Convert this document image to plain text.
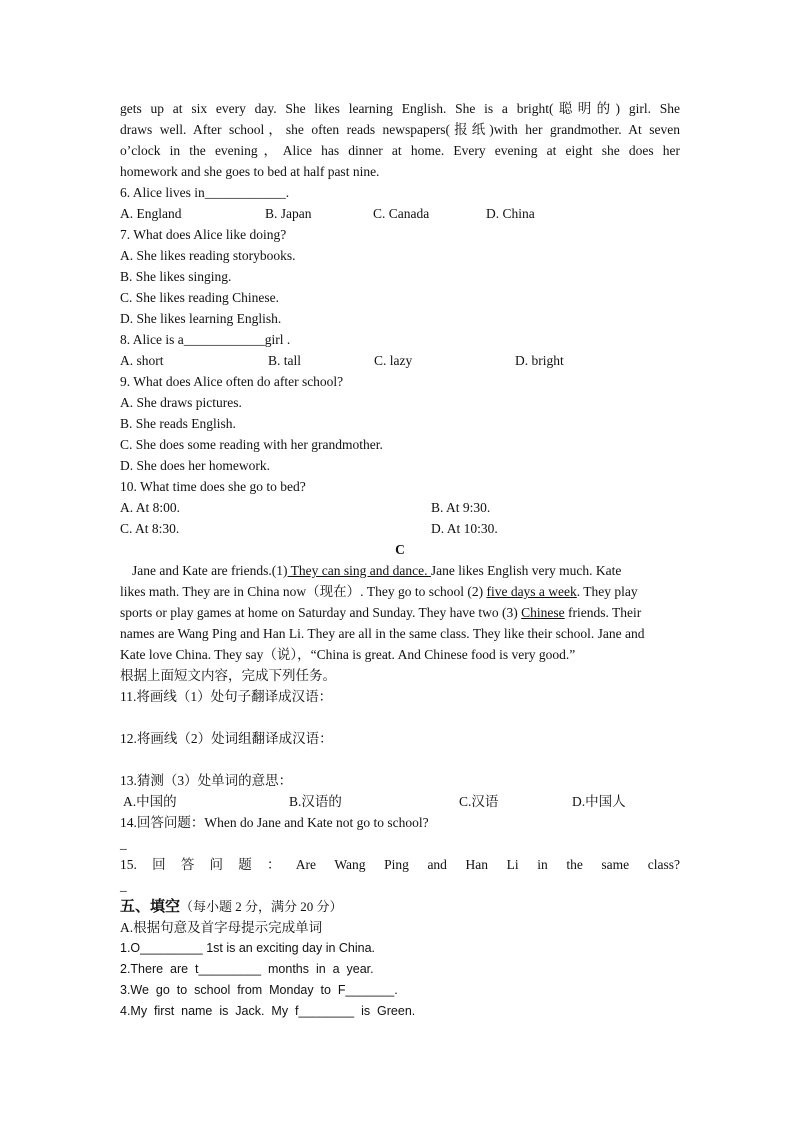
gets up at six every day. She likes learning English. She is a bright(聪明的) girl. She
draws well. After school，she often reads newspapers(报纸)with her grandmother. At seven
o’clock in the evening，Alice has dinner at home. Every evening at eight she does her
homework and she goes to bed at half past nine.
6. Alice lives in____________.
A. England	B. Japan	C. Canada	D. China
7. What does Alice like doing?
A. She likes reading storybooks.
B. She likes singing.
C. She likes reading Chinese.
D. She likes learning English.
8. Alice is a____________girl .
A. short	B. tall	C. lazy	D. bright
9. What does Alice often do after school?
A. She draws pictures.
B. She reads English.
C. She does some reading with her grandmother.
D. She does her homework.
10. What time does she go to bed?
A. At 8:00.	B. At 9:30.
C. At 8:30.	D. At 10:30.
C
Jane and Kate are friends.(1) They can sing and dance. Jane likes English very much. Kate
likes math. They are in China now（现在）. They go to school (2) five days a week. They play
sports or play games at home on Saturday and Sunday. They have two (3) Chinese friends. Their
names are Wang Ping and Han Li. They are all in the same class. They like their school. Jane and
Kate love China. They say（说），“China is great. And Chinese food is very good.”
根据上面短文内容，完成下列任务。
11.将画线（1）处句子翻译成汉语：
12.将画线（2）处词组翻译成汉语：
13.猜测（3）处单词的意思：
A.中国的	B.汉语的	C.汉语	D.中国人
14.回答问题：When do Jane and Kate not go to school?
_
15.回答问题：Are Wang Ping and Han Li in the same class?
_
五、填空（每小题 2 分，满分 20 分）
A.根据句意及首字母提示完成单词
1.O_________ 1st is an exciting day in China.
2.There  are  t_________  months  in  a  year.
3.We  go  to  school  from  Monday  to  F_______.
4.My  first  name  is  Jack.  My  f________  is  Green.
